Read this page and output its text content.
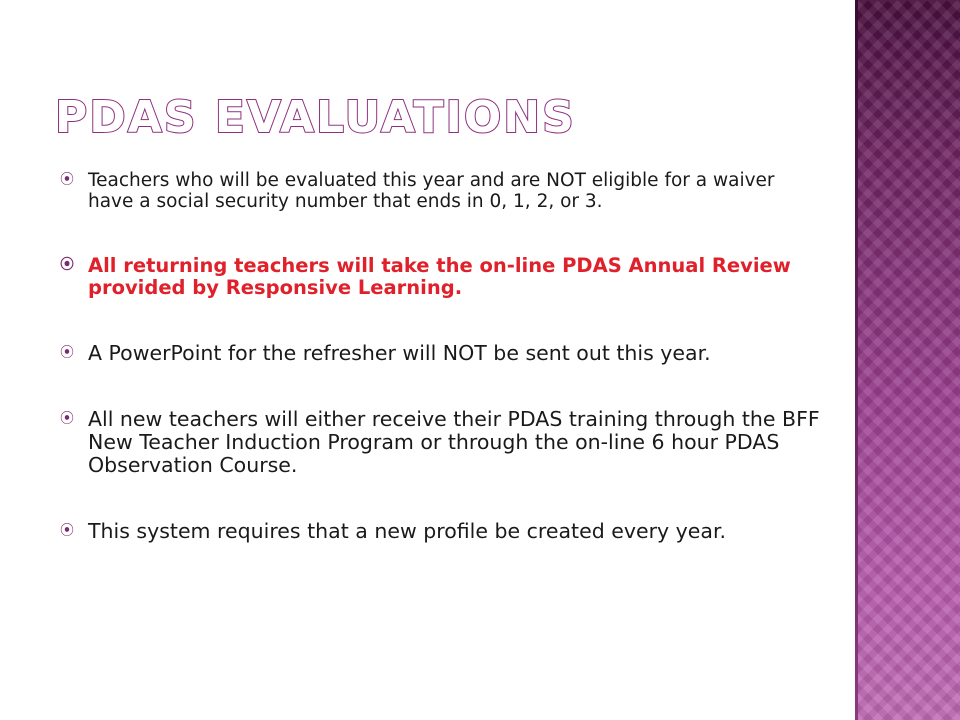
PDAS EVALUATIONS
⦿ Teachers who will be evaluated this year and are NOT eligible for a waiver have a social security number that ends in 0, 1, 2, or 3.
⦿ All returning teachers will take the on-line PDAS Annual Review provided by Responsive Learning.
⦿ A PowerPoint for the refresher will NOT be sent out this year.
⦿ All new teachers will either receive their PDAS training through the BFF New Teacher Induction Program or through the on-line 6 hour PDAS Observation Course.
⦿ This system requires that a new profile be created every year.
